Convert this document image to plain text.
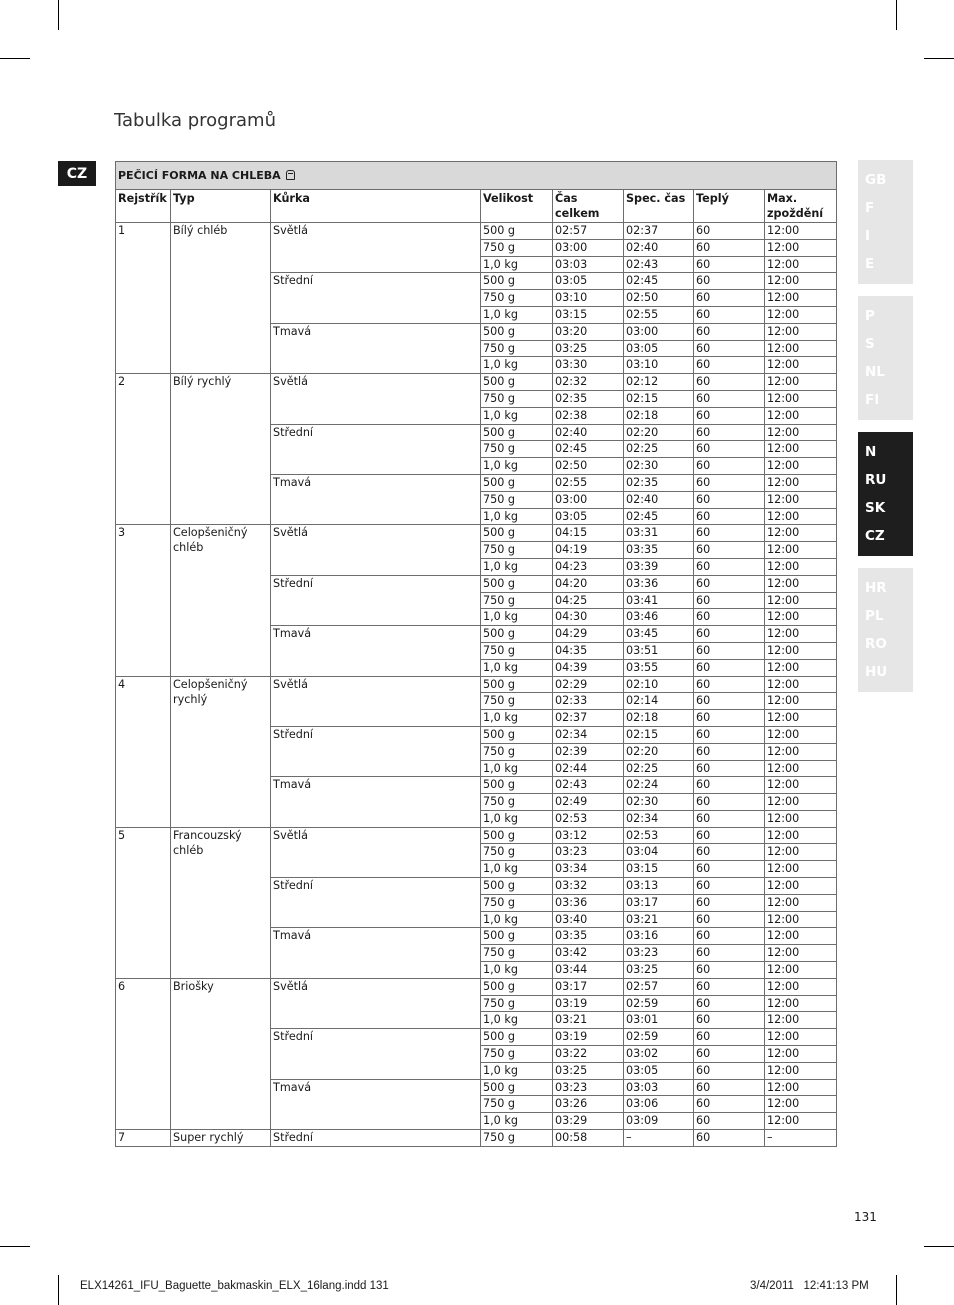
Tabulka programů
CZ	GB
F
I
E
P
S
NL
FI
N
RU
SK
CZ
HR
PL
RO
HU
PEČICÍ FORMA NA CHLEBA							
Rejstřík	Typ	Kůrka	Velikost	Čas celkem	Spec. čas	Teplý	Max. zpoždění
1	Bílý chléb	Světlá	500 g	02:57	02:37	60	12:00
			750 g	03:00	02:40	60	12:00
			1,0 kg	03:03	02:43	60	12:00
		Střední	500 g	03:05	02:45	60	12:00
			750 g	03:10	02:50	60	12:00
			1,0 kg	03:15	02:55	60	12:00
		Tmavá	500 g	03:20	03:00	60	12:00
			750 g	03:25	03:05	60	12:00
			1,0 kg	03:30	03:10	60	12:00
2	Bílý rychlý	Světlá	500 g	02:32	02:12	60	12:00
			750 g	02:35	02:15	60	12:00
			1,0 kg	02:38	02:18	60	12:00
		Střední	500 g	02:40	02:20	60	12:00
			750 g	02:45	02:25	60	12:00
			1,0 kg	02:50	02:30	60	12:00
		Tmavá	500 g	02:55	02:35	60	12:00
			750 g	03:00	02:40	60	12:00
			1,0 kg	03:05	02:45	60	12:00
3	Celopšeničný chléb	Světlá	500 g	04:15	03:31	60	12:00
			750 g	04:19	03:35	60	12:00
			1,0 kg	04:23	03:39	60	12:00
		Střední	500 g	04:20	03:36	60	12:00
			750 g	04:25	03:41	60	12:00
			1,0 kg	04:30	03:46	60	12:00
		Tmavá	500 g	04:29	03:45	60	12:00
			750 g	04:35	03:51	60	12:00
			1,0 kg	04:39	03:55	60	12:00
4	Celopšeničný rychlý	Světlá	500 g	02:29	02:10	60	12:00
			750 g	02:33	02:14	60	12:00
			1,0 kg	02:37	02:18	60	12:00
		Střední	500 g	02:34	02:15	60	12:00
			750 g	02:39	02:20	60	12:00
			1,0 kg	02:44	02:25	60	12:00
		Tmavá	500 g	02:43	02:24	60	12:00
			750 g	02:49	02:30	60	12:00
			1,0 kg	02:53	02:34	60	12:00
5	Francouzský chléb	Světlá	500 g	03:12	02:53	60	12:00
			750 g	03:23	03:04	60	12:00
			1,0 kg	03:34	03:15	60	12:00
		Střední	500 g	03:32	03:13	60	12:00
			750 g	03:36	03:17	60	12:00
			1,0 kg	03:40	03:21	60	12:00
		Tmavá	500 g	03:35	03:16	60	12:00
			750 g	03:42	03:23	60	12:00
			1,0 kg	03:44	03:25	60	12:00
6	Briošky	Světlá	500 g	03:17	02:57	60	12:00
			750 g	03:19	02:59	60	12:00
			1,0 kg	03:21	03:01	60	12:00
		Střední	500 g	03:19	02:59	60	12:00
			750 g	03:22	03:02	60	12:00
			1,0 kg	03:25	03:05	60	12:00
		Tmavá	500 g	03:23	03:03	60	12:00
			750 g	03:26	03:06	60	12:00
			1,0 kg	03:29	03:09	60	12:00
7	Super rychlý	Střední	750 g	00:58	–	60	–
131
ELX14261_IFU_Baguette_bakmaskin_ELX_16lang.indd 131	3/4/2011   12:41:13 PM
